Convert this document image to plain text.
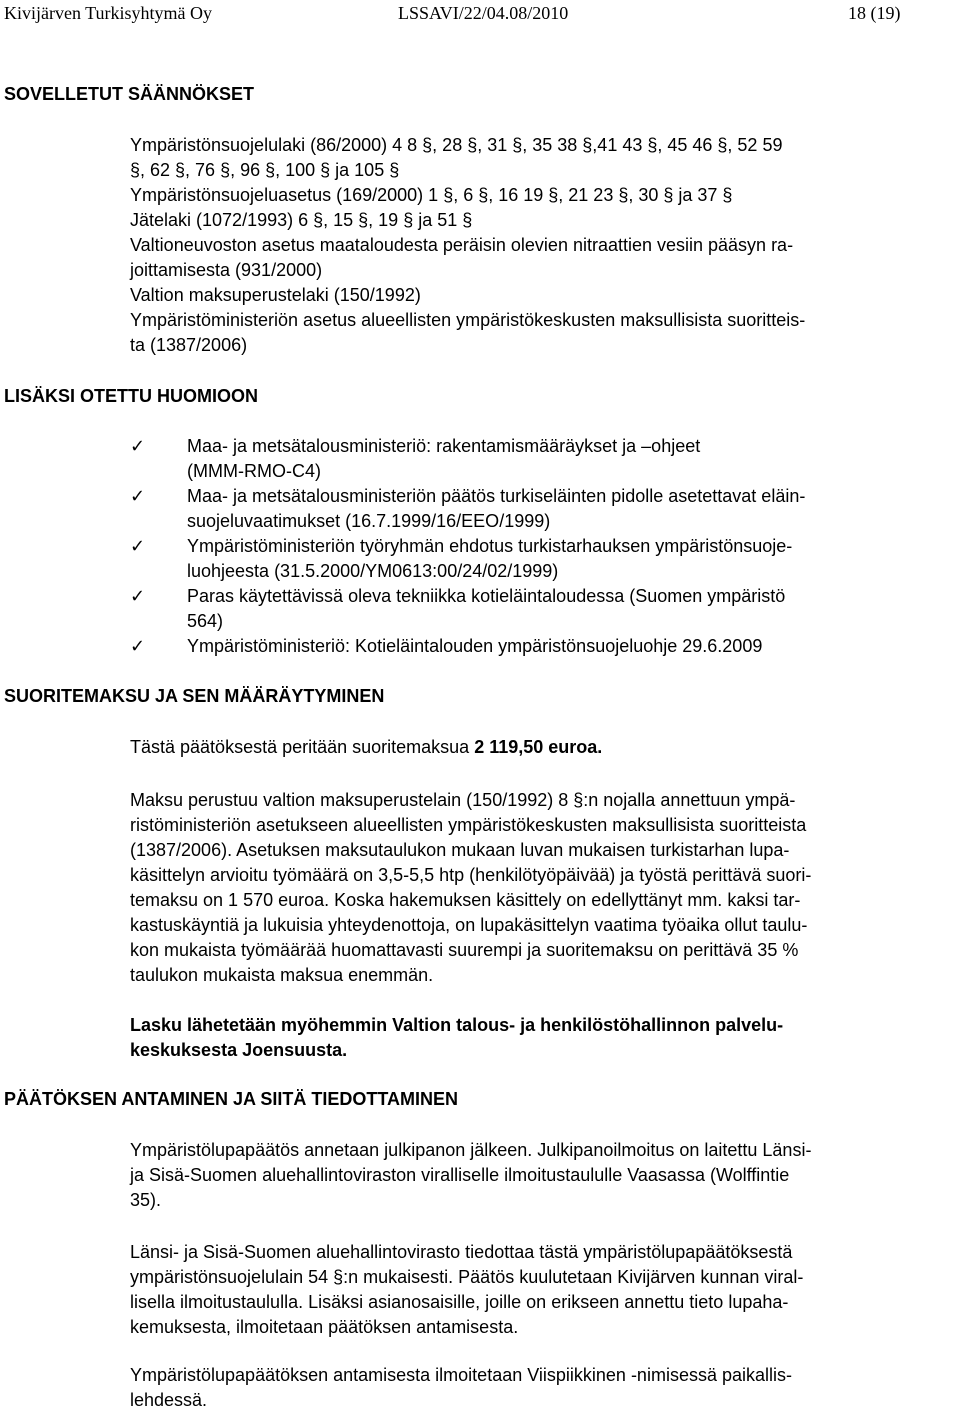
Kivijärven Turkisyhtymä Oy	LSSAVI/22/04.08/2010	18 (19)
SOVELLETUT SÄÄNNÖKSET

Ympäristönsuojelulaki (86/2000) 4 8 §, 28 §, 31 §, 35 38 §,41 43 §, 45 46 §, 52 59

§, 62 §, 76 §, 96 §, 100 § ja 105 §

Ympäristönsuojeluasetus (169/2000) 1 §, 6 §, 16 19 §, 21 23 §, 30 § ja 37 §

Jätelaki (1072/1993) 6 §, 15 §, 19 § ja 51 §

Valtioneuvoston asetus maataloudesta peräisin olevien nitraattien vesiin pääsyn ra-

joittamisesta (931/2000)

Valtion maksuperustelaki (150/1992)

Ympäristöministeriön asetus alueellisten ympäristökeskusten maksullisista suoritteis-

ta (1387/2006)

LISÄKSI OTETTU HUOMIOON
✓ Maa- ja metsätalousministeriö: rakentamismääräykset ja –ohjeet
(MMM-RMO-C4)
✓ Maa- ja metsätalousministeriön päätös turkiseläinten pidolle asetettavat eläin-
suojeluvaatimukset (16.7.1999/16/EEO/1999)
✓ Ympäristöministeriön työryhmän ehdotus turkistarhauksen ympäristönsuoje-
luohjeesta (31.5.2000/YM0613:00/24/02/1999)
✓ Paras käytettävissä oleva tekniikka kotieläintaloudessa (Suomen ympäristö
564)
✓ Ympäristöministeriö: Kotieläintalouden ympäristönsuojeluohje 29.6.2009
SUORITEMAKSU JA SEN MÄÄRÄYTYMINEN

Tästä päätöksestä peritään suoritemaksua 2 119,50 euroa.

Maksu perustuu valtion maksuperustelain (150/1992) 8 §:n nojalla annettuun ympä-

ristöministeriön asetukseen alueellisten ympäristökeskusten maksullisista suoritteista

(1387/2006). Asetuksen maksutaulukon mukaan luvan mukaisen turkistarhan lupa-

käsittelyn arvioitu työmäärä on 3,5-5,5 htp (henkilötyöpäivää) ja työstä perittävä suori-

temaksu on 1 570 euroa. Koska hakemuksen käsittely on edellyttänyt mm. kaksi tar-

kastuskäyntiä ja lukuisia yhteydenottoja, on lupakäsittelyn vaatima työaika ollut taulu-

kon mukaista työmäärää huomattavasti suurempi ja suoritemaksu on perittävä 35 %

taulukon mukaista maksua enemmän.

Lasku lähetetään myöhemmin Valtion talous- ja henkilöstöhallinnon palvelu-

keskuksesta Joensuusta.

PÄÄTÖKSEN ANTAMINEN JA SIITÄ TIEDOTTAMINEN

Ympäristölupapäätös annetaan julkipanon jälkeen. Julkipanoilmoitus on laitettu Länsi-

ja Sisä-Suomen aluehallintoviraston viralliselle ilmoitustaululle Vaasassa (Wolffintie

35).

Länsi- ja Sisä-Suomen aluehallintovirasto tiedottaa tästä ympäristölupapäätöksestä

ympäristönsuojelulain 54 §:n mukaisesti. Päätös kuulutetaan Kivijärven kunnan viral-

lisella ilmoitustaululla. Lisäksi asianosaisille, joille on erikseen annettu tieto lupaha-

kemuksesta, ilmoitetaan päätöksen antamisesta.

Ympäristölupapäätöksen antamisesta ilmoitetaan Viispiikkinen -nimisessä paikallis-

lehdessä.
